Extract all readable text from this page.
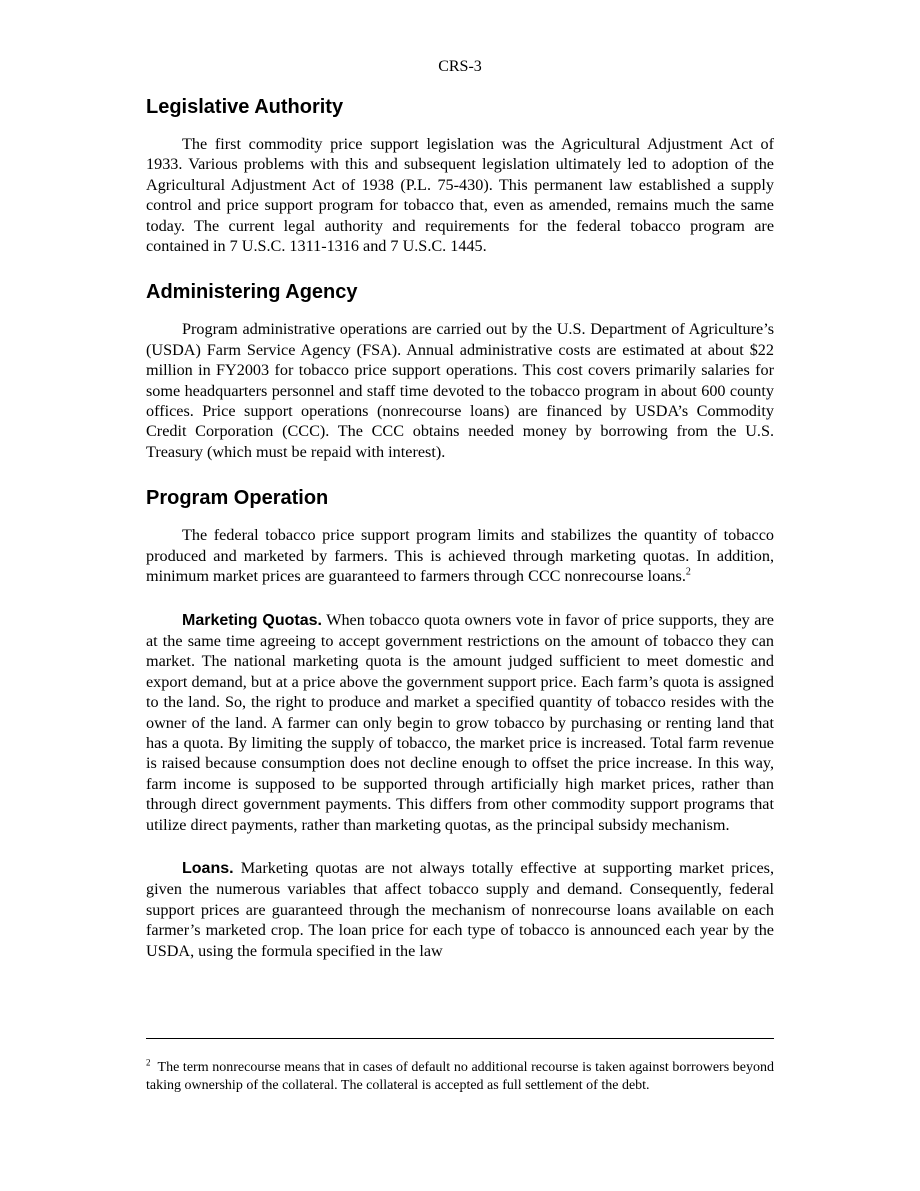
CRS-3
Legislative Authority

The first commodity price support legislation was the Agricultural Adjustment Act of 1933. Various problems with this and subsequent legislation ultimately led to adoption of the Agricultural Adjustment Act of 1938 (P.L. 75-430). This permanent law established a supply control and price support program for tobacco that, even as amended, remains much the same today. The current legal authority and requirements for the federal tobacco program are contained in 7 U.S.C. 1311-1316 and 7 U.S.C. 1445.

Administering Agency

Program administrative operations are carried out by the U.S. Department of Agriculture’s (USDA) Farm Service Agency (FSA). Annual administrative costs are estimated at about $22 million in FY2003 for tobacco price support operations. This cost covers primarily salaries for some headquarters personnel and staff time devoted to the tobacco program in about 600 county offices. Price support operations (nonrecourse loans) are financed by USDA’s Commodity Credit Corporation (CCC). The CCC obtains needed money by borrowing from the U.S. Treasury (which must be repaid with interest).

Program Operation

The federal tobacco price support program limits and stabilizes the quantity of tobacco produced and marketed by farmers. This is achieved through marketing quotas. In addition, minimum market prices are guaranteed to farmers through CCC nonrecourse loans.$^2$

Marketing Quotas. When tobacco quota owners vote in favor of price supports, they are at the same time agreeing to accept government restrictions on the amount of tobacco they can market. The national marketing quota is the amount judged sufficient to meet domestic and export demand, but at a price above the government support price. Each farm’s quota is assigned to the land. So, the right to produce and market a specified quantity of tobacco resides with the owner of the land. A farmer can only begin to grow tobacco by purchasing or renting land that has a quota. By limiting the supply of tobacco, the market price is increased. Total farm revenue is raised because consumption does not decline enough to offset the price increase. In this way, farm income is supposed to be supported through artificially high market prices, rather than through direct government payments. This differs from other commodity support programs that utilize direct payments, rather than marketing quotas, as the principal subsidy mechanism.

Loans. Marketing quotas are not always totally effective at supporting market prices, given the numerous variables that affect tobacco supply and demand. Consequently, federal support prices are guaranteed through the mechanism of nonrecourse loans available on each farmer’s marketed crop. The loan price for each type of tobacco is announced each year by the USDA, using the formula specified in the law

$^2$ The term nonrecourse means that in cases of default no additional recourse is taken against borrowers beyond taking ownership of the collateral. The collateral is accepted as full settlement of the debt.
